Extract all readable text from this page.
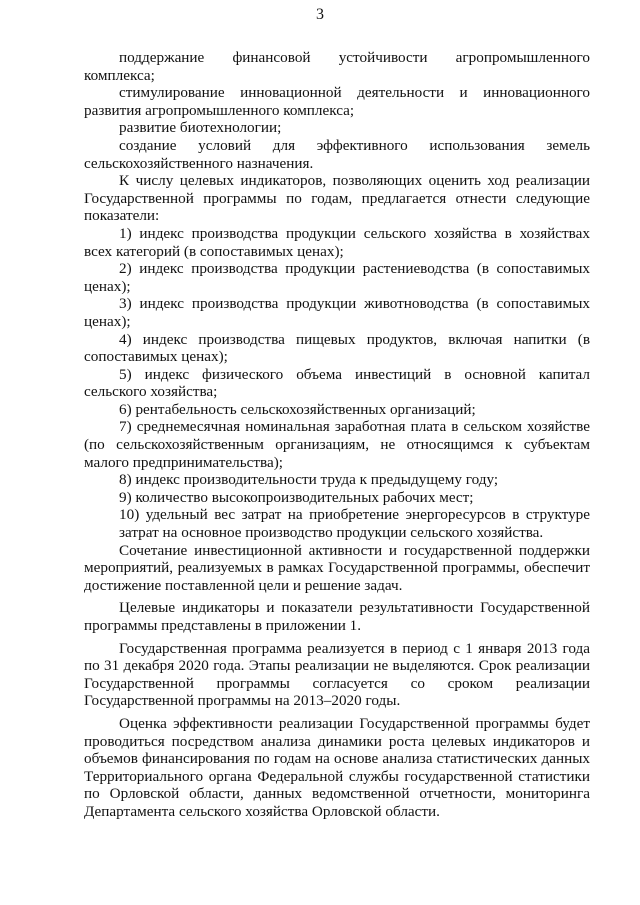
3

поддержание финансовой устойчивости агропромышленного комплекса;

стимулирование инновационной деятельности и инновационного развития агропромышленного комплекса;

развитие биотехнологии;

создание условий для эффективного использования земель сельскохозяйственного назначения.

К числу целевых индикаторов, позволяющих оценить ход реализации Государственной программы по годам, предлагается отнести следующие показатели:

1) индекс производства продукции сельского хозяйства в хозяйствах всех категорий (в сопоставимых ценах);

2) индекс производства продукции растениеводства (в сопоставимых ценах);

3) индекс производства продукции животноводства (в сопоставимых ценах);

4) индекс производства пищевых продуктов, включая напитки (в сопоставимых ценах);

5) индекс физического объема инвестиций в основной капитал сельского хозяйства;

6) рентабельность сельскохозяйственных организаций;

7) среднемесячная номинальная заработная плата в сельском хозяйстве (по сельскохозяйственным организациям, не относящимся к субъектам малого предпринимательства);

8) индекс производительности труда к предыдущему году;

9) количество высокопроизводительных рабочих мест;

10) удельный вес затрат на приобретение энергоресурсов в структуре затрат на основное производство продукции сельского хозяйства.

Сочетание инвестиционной активности и государственной поддержки мероприятий, реализуемых в рамках Государственной программы, обеспечит достижение поставленной цели и решение задач.

Целевые индикаторы и показатели результативности Государственной программы представлены в приложении 1.

Государственная программа реализуется в период с 1 января 2013 года по 31 декабря 2020 года. Этапы реализации не выделяются. Срок реализации Государственной программы согласуется со сроком реализации Государственной программы на 2013–2020 годы.

Оценка эффективности реализации Государственной программы будет проводиться посредством анализа динамики роста целевых индикаторов и объемов финансирования по годам на основе анализа статистических данных Территориального органа Федеральной службы государственной статистики по Орловской области, данных ведомственной отчетности, мониторинга Департамента сельского хозяйства Орловской области.
